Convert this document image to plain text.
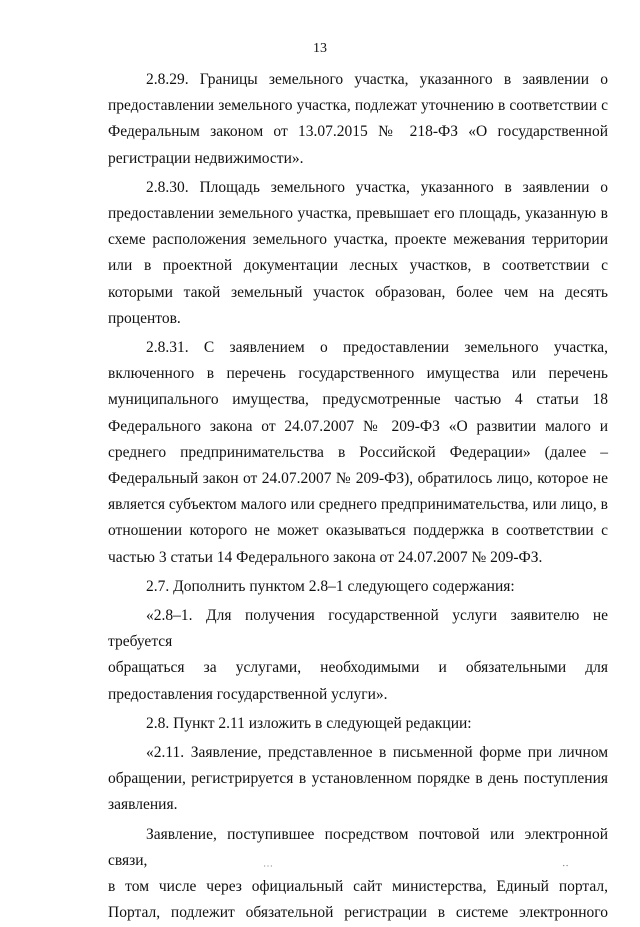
13

2.8.29. Границы земельного участка, указанного в заявлении о

предоставлении земельного участка, подлежат уточнению в соответствии с Федеральным законом от 13.07.2015 № 218-ФЗ «О государственной регистрации недвижимости».

2.8.30. Площадь земельного участка, указанного в заявлении о

предоставлении земельного участка, превышает его площадь, указанную в схеме расположения земельного участка, проекте межевания территории или в проектной документации лесных участков, в соответствии с которыми такой земельный участок образован, более чем на десять процентов.

2.8.31. С заявлением о предоставлении земельного участка,

включенного в перечень государственного имущества или перечень муниципального имущества, предусмотренные частью 4 статьи 18 Федерального закона от 24.07.2007 № 209-ФЗ «О развитии малого и среднего предпринимательства в Российской Федерации» (далее – Федеральный закон от 24.07.2007 № 209-ФЗ), обратилось лицо, которое не является субъектом малого или среднего предпринимательства, или лицо, в отношении которого не может оказываться поддержка в соответствии с частью 3 статьи 14 Федерального закона от 24.07.2007 № 209-ФЗ.

2.7. Дополнить пунктом 2.8–1 следующего содержания:

«2.8–1. Для получения государственной услуги заявителю не требуется

обращаться за услугами, необходимыми и обязательными для предоставления государственной услуги».

2.8. Пункт 2.11 изложить в следующей редакции:

«2.11. Заявление, представленное в письменной форме при личном

обращении, регистрируется в установленном порядке в день поступления заявления.

Заявление, поступившее посредством почтовой или электронной связи,

в том числе через официальный сайт министерства, Единый портал, Портал, подлежит обязательной регистрации в системе электронного

⋯	⋅⋅
